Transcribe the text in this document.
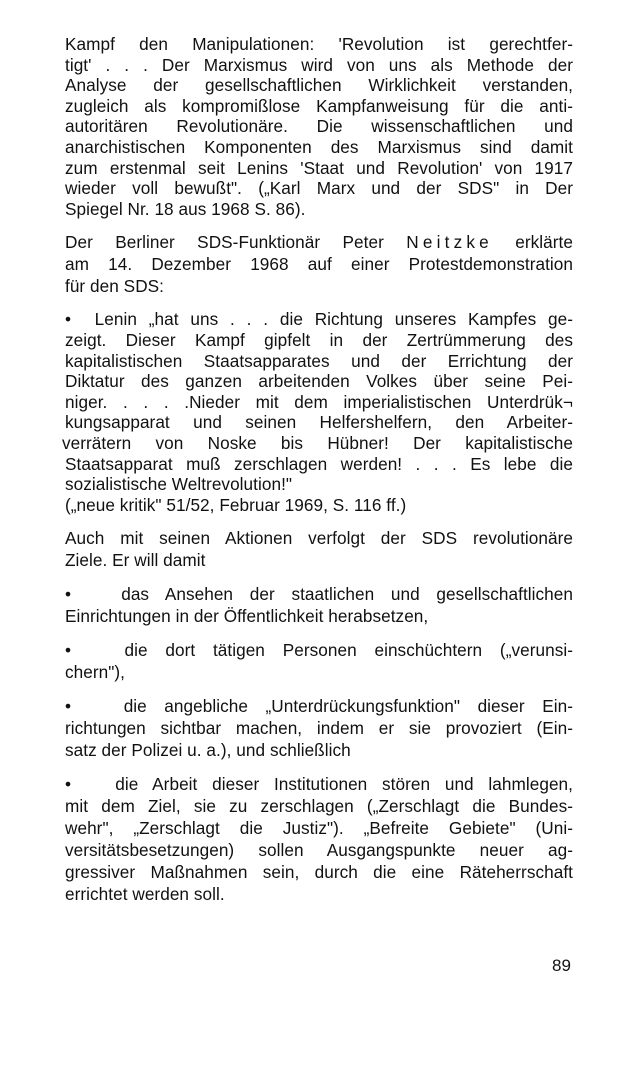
Kampf den Manipulationen: 'Revolution ist gerechtfer-
tigt' . . . Der Marxismus wird von uns als Methode der
Analyse der gesellschaftlichen Wirklichkeit verstanden,
zugleich als kompromißlose Kampfanweisung für die anti-
autoritären Revolutionäre. Die wissenschaftlichen und
anarchistischen Komponenten des Marxismus sind damit
zum erstenmal seit Lenins 'Staat und Revolution' von 1917
wieder voll bewußt". („Karl Marx und der SDS" in Der
Spiegel Nr. 18 aus 1968 S. 86).
Der Berliner SDS-Funktionär Peter Neitzke erklärte
am 14. Dezember 1968 auf einer Protestdemonstration
für den SDS:
• Lenin „hat uns . . . die Richtung unseres Kampfes ge-
zeigt. Dieser Kampf gipfelt in der Zertrümmerung des
kapitalistischen Staatsapparates und der Errichtung der
Diktatur des ganzen arbeitenden Volkes über seine Pei-
niger. . . . .Nieder mit dem imperialistischen Unterdrük¬
kungsapparat und seinen Helfershelfern, den Arbeiter-
verrätern von Noske bis Hübner! Der kapitalistische
Staatsapparat muß zerschlagen werden! . . . Es lebe die
sozialistische Weltrevolution!"
(„neue kritik" 51/52, Februar 1969, S. 116 ff.)
Auch mit seinen Aktionen verfolgt der SDS revolutionäre
Ziele. Er will damit
•	das Ansehen der staatlichen und gesellschaftlichen
Einrichtungen in der Öffentlichkeit herabsetzen,
•	die dort tätigen Personen einschüchtern („verunsi-
chern"),
•	die angebliche „Unterdrückungsfunktion" dieser Ein-
richtungen sichtbar machen, indem er sie provoziert (Ein-
satz der Polizei u. a.), und schließlich
•	die Arbeit dieser Institutionen stören und lahmlegen,
mit dem Ziel, sie zu zerschlagen („Zerschlagt die Bundes-
wehr", „Zerschlagt die Justiz"). „Befreite Gebiete" (Uni-
versitätsbesetzungen) sollen Ausgangspunkte neuer ag-
gressiver Maßnahmen sein, durch die eine Räteherrschaft
errichtet werden soll.
89
